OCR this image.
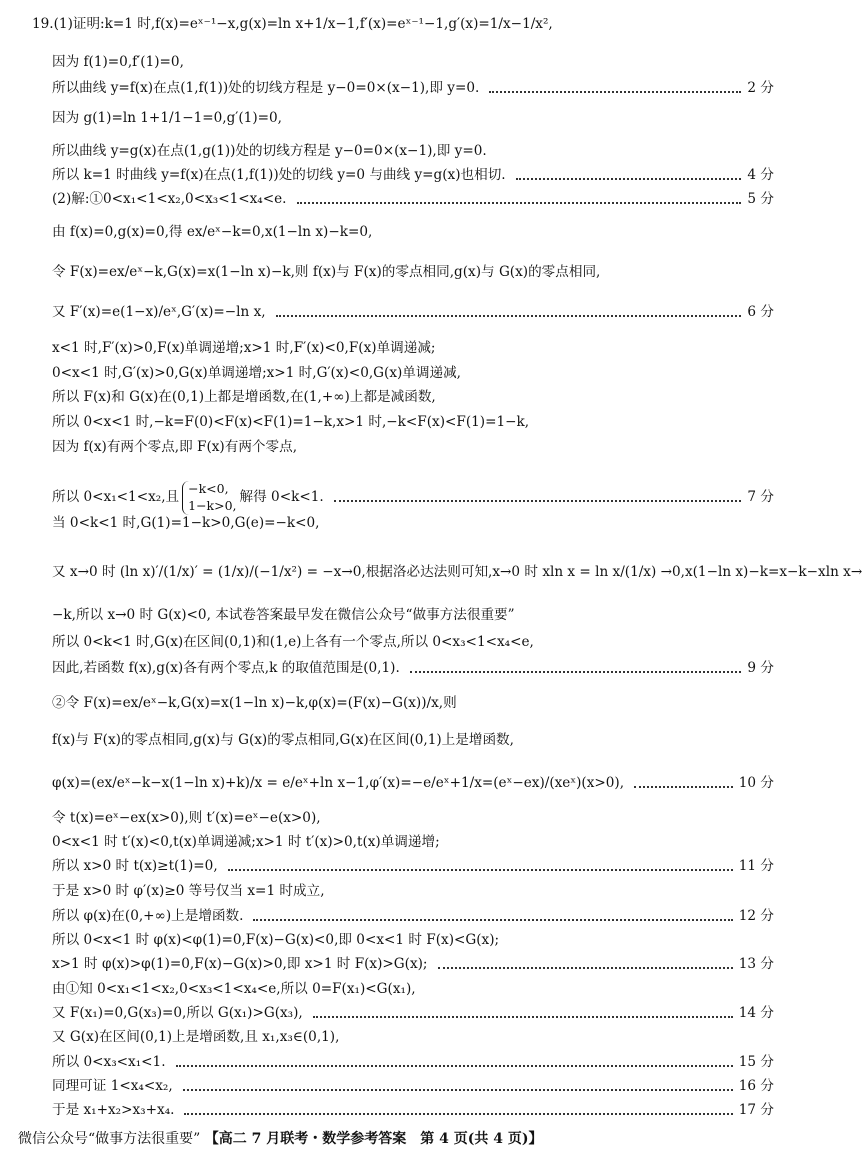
19.(1)证明:k=1 时,f(x)=eˣ⁻¹−x,g(x)=ln x+1/x−1,f′(x)=eˣ⁻¹−1,g′(x)=1/x−1/x²,
因为 f(1)=0,f′(1)=0,
所以曲线 y=f(x)在点(1,f(1))处的切线方程是 y−0=0×(x−1),即 y=0.	2 分
因为 g(1)=ln 1+1/1−1=0,g′(1)=0,
所以曲线 y=g(x)在点(1,g(1))处的切线方程是 y−0=0×(x−1),即 y=0.
所以 k=1 时曲线 y=f(x)在点(1,f(1))处的切线 y=0 与曲线 y=g(x)也相切.	4 分
(2)解:①0<x₁<1<x₂,0<x₃<1<x₄<e.	5 分
由 f(x)=0,g(x)=0,得 ex/eˣ−k=0,x(1−ln x)−k=0,
令 F(x)=ex/eˣ−k,G(x)=x(1−ln x)−k,则 f(x)与 F(x)的零点相同,g(x)与 G(x)的零点相同,
又 F′(x)=e(1−x)/eˣ,G′(x)=−ln x,	6 分
x<1 时,F′(x)>0,F(x)单调递增;x>1 时,F′(x)<0,F(x)单调递减;
0<x<1 时,G′(x)>0,G(x)单调递增;x>1 时,G′(x)<0,G(x)单调递减,
所以 F(x)和 G(x)在(0,1)上都是增函数,在(1,+∞)上都是减函数,
所以 0<x<1 时,−k=F(0)<F(x)<F(1)=1−k,x>1 时,−k<F(x)<F(1)=1−k,
因为 f(x)有两个零点,即 F(x)有两个零点,
所以 0<x₁<1<x₂,且
−k<0,
1−k>0,
解得 0<k<1.	7 分
当 0<k<1 时,G(1)=1−k>0,G(e)=−k<0,
又 x→0 时 (ln x)′/(1/x)′ = (1/x)/(−1/x²) = −x→0,根据洛必达法则可知,x→0 时 xln x = ln x/(1/x) →0,x(1−ln x)−k=x−k−xln x→
−k,所以 x→0 时 G(x)<0, 本试卷答案最早发在微信公众号“做事方法很重要”
所以 0<k<1 时,G(x)在区间(0,1)和(1,e)上各有一个零点,所以 0<x₃<1<x₄<e,
因此,若函数 f(x),g(x)各有两个零点,k 的取值范围是(0,1).	9 分
②令 F(x)=ex/eˣ−k,G(x)=x(1−ln x)−k,φ(x)=(F(x)−G(x))/x,则
f(x)与 F(x)的零点相同,g(x)与 G(x)的零点相同,G(x)在区间(0,1)上是增函数,
φ(x)=(ex/eˣ−k−x(1−ln x)+k)/x = e/eˣ+ln x−1,φ′(x)=−e/eˣ+1/x=(eˣ−ex)/(xeˣ)(x>0),	10 分
令 t(x)=eˣ−ex(x>0),则 t′(x)=eˣ−e(x>0),
0<x<1 时 t′(x)<0,t(x)单调递减;x>1 时 t′(x)>0,t(x)单调递增;
所以 x>0 时 t(x)≥t(1)=0,	11 分
于是 x>0 时 φ′(x)≥0 等号仅当 x=1 时成立,
所以 φ(x)在(0,+∞)上是增函数.	12 分
所以 0<x<1 时 φ(x)<φ(1)=0,F(x)−G(x)<0,即 0<x<1 时 F(x)<G(x);
x>1 时 φ(x)>φ(1)=0,F(x)−G(x)>0,即 x>1 时 F(x)>G(x);	13 分
由①知 0<x₁<1<x₂,0<x₃<1<x₄<e,所以 0=F(x₁)<G(x₁),
又 F(x₁)=0,G(x₃)=0,所以 G(x₁)>G(x₃),	14 分
又 G(x)在区间(0,1)上是增函数,且 x₁,x₃∈(0,1),
所以 0<x₃<x₁<1.	15 分
同理可证 1<x₄<x₂,	16 分
于是 x₁+x₂>x₃+x₄.	17 分
微信公众号“做事方法很重要” 【高二 7 月联考・数学参考答案　第 4 页(共 4 页)】
